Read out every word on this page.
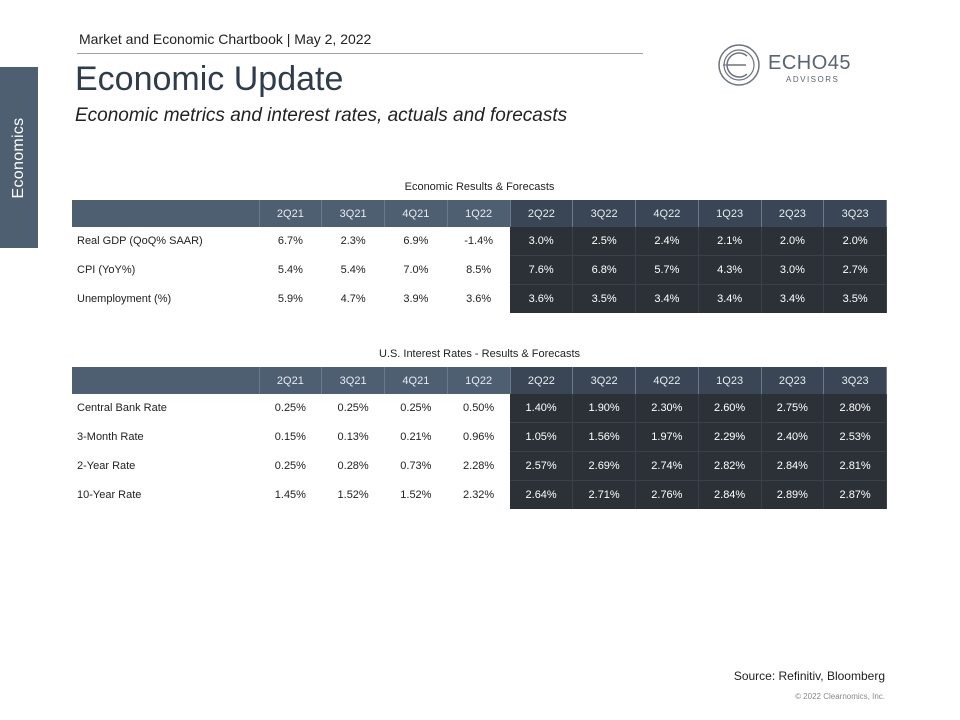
Economics
Market and Economic Chartbook | May 2, 2022
Economic Update
Economic metrics and interest rates, actuals and forecasts
ECHO45
ADVISORS
Economic Results & Forecasts
	2Q21	3Q21	4Q21	1Q22	2Q22	3Q22	4Q22	1Q23	2Q23	3Q23
Real GDP (QoQ% SAAR)	6.7%	2.3%	6.9%	-1.4%	3.0%	2.5%	2.4%	2.1%	2.0%	2.0%
CPI (YoY%)	5.4%	5.4%	7.0%	8.5%	7.6%	6.8%	5.7%	4.3%	3.0%	2.7%
Unemployment (%)	5.9%	4.7%	3.9%	3.6%	3.6%	3.5%	3.4%	3.4%	3.4%	3.5%
U.S. Interest Rates - Results & Forecasts
	2Q21	3Q21	4Q21	1Q22	2Q22	3Q22	4Q22	1Q23	2Q23	3Q23
Central Bank Rate	0.25%	0.25%	0.25%	0.50%	1.40%	1.90%	2.30%	2.60%	2.75%	2.80%
3-Month Rate	0.15%	0.13%	0.21%	0.96%	1.05%	1.56%	1.97%	2.29%	2.40%	2.53%
2-Year Rate	0.25%	0.28%	0.73%	2.28%	2.57%	2.69%	2.74%	2.82%	2.84%	2.81%
10-Year Rate	1.45%	1.52%	1.52%	2.32%	2.64%	2.71%	2.76%	2.84%	2.89%	2.87%
Source: Refinitiv, Bloomberg
© 2022 Clearnomics, Inc.
